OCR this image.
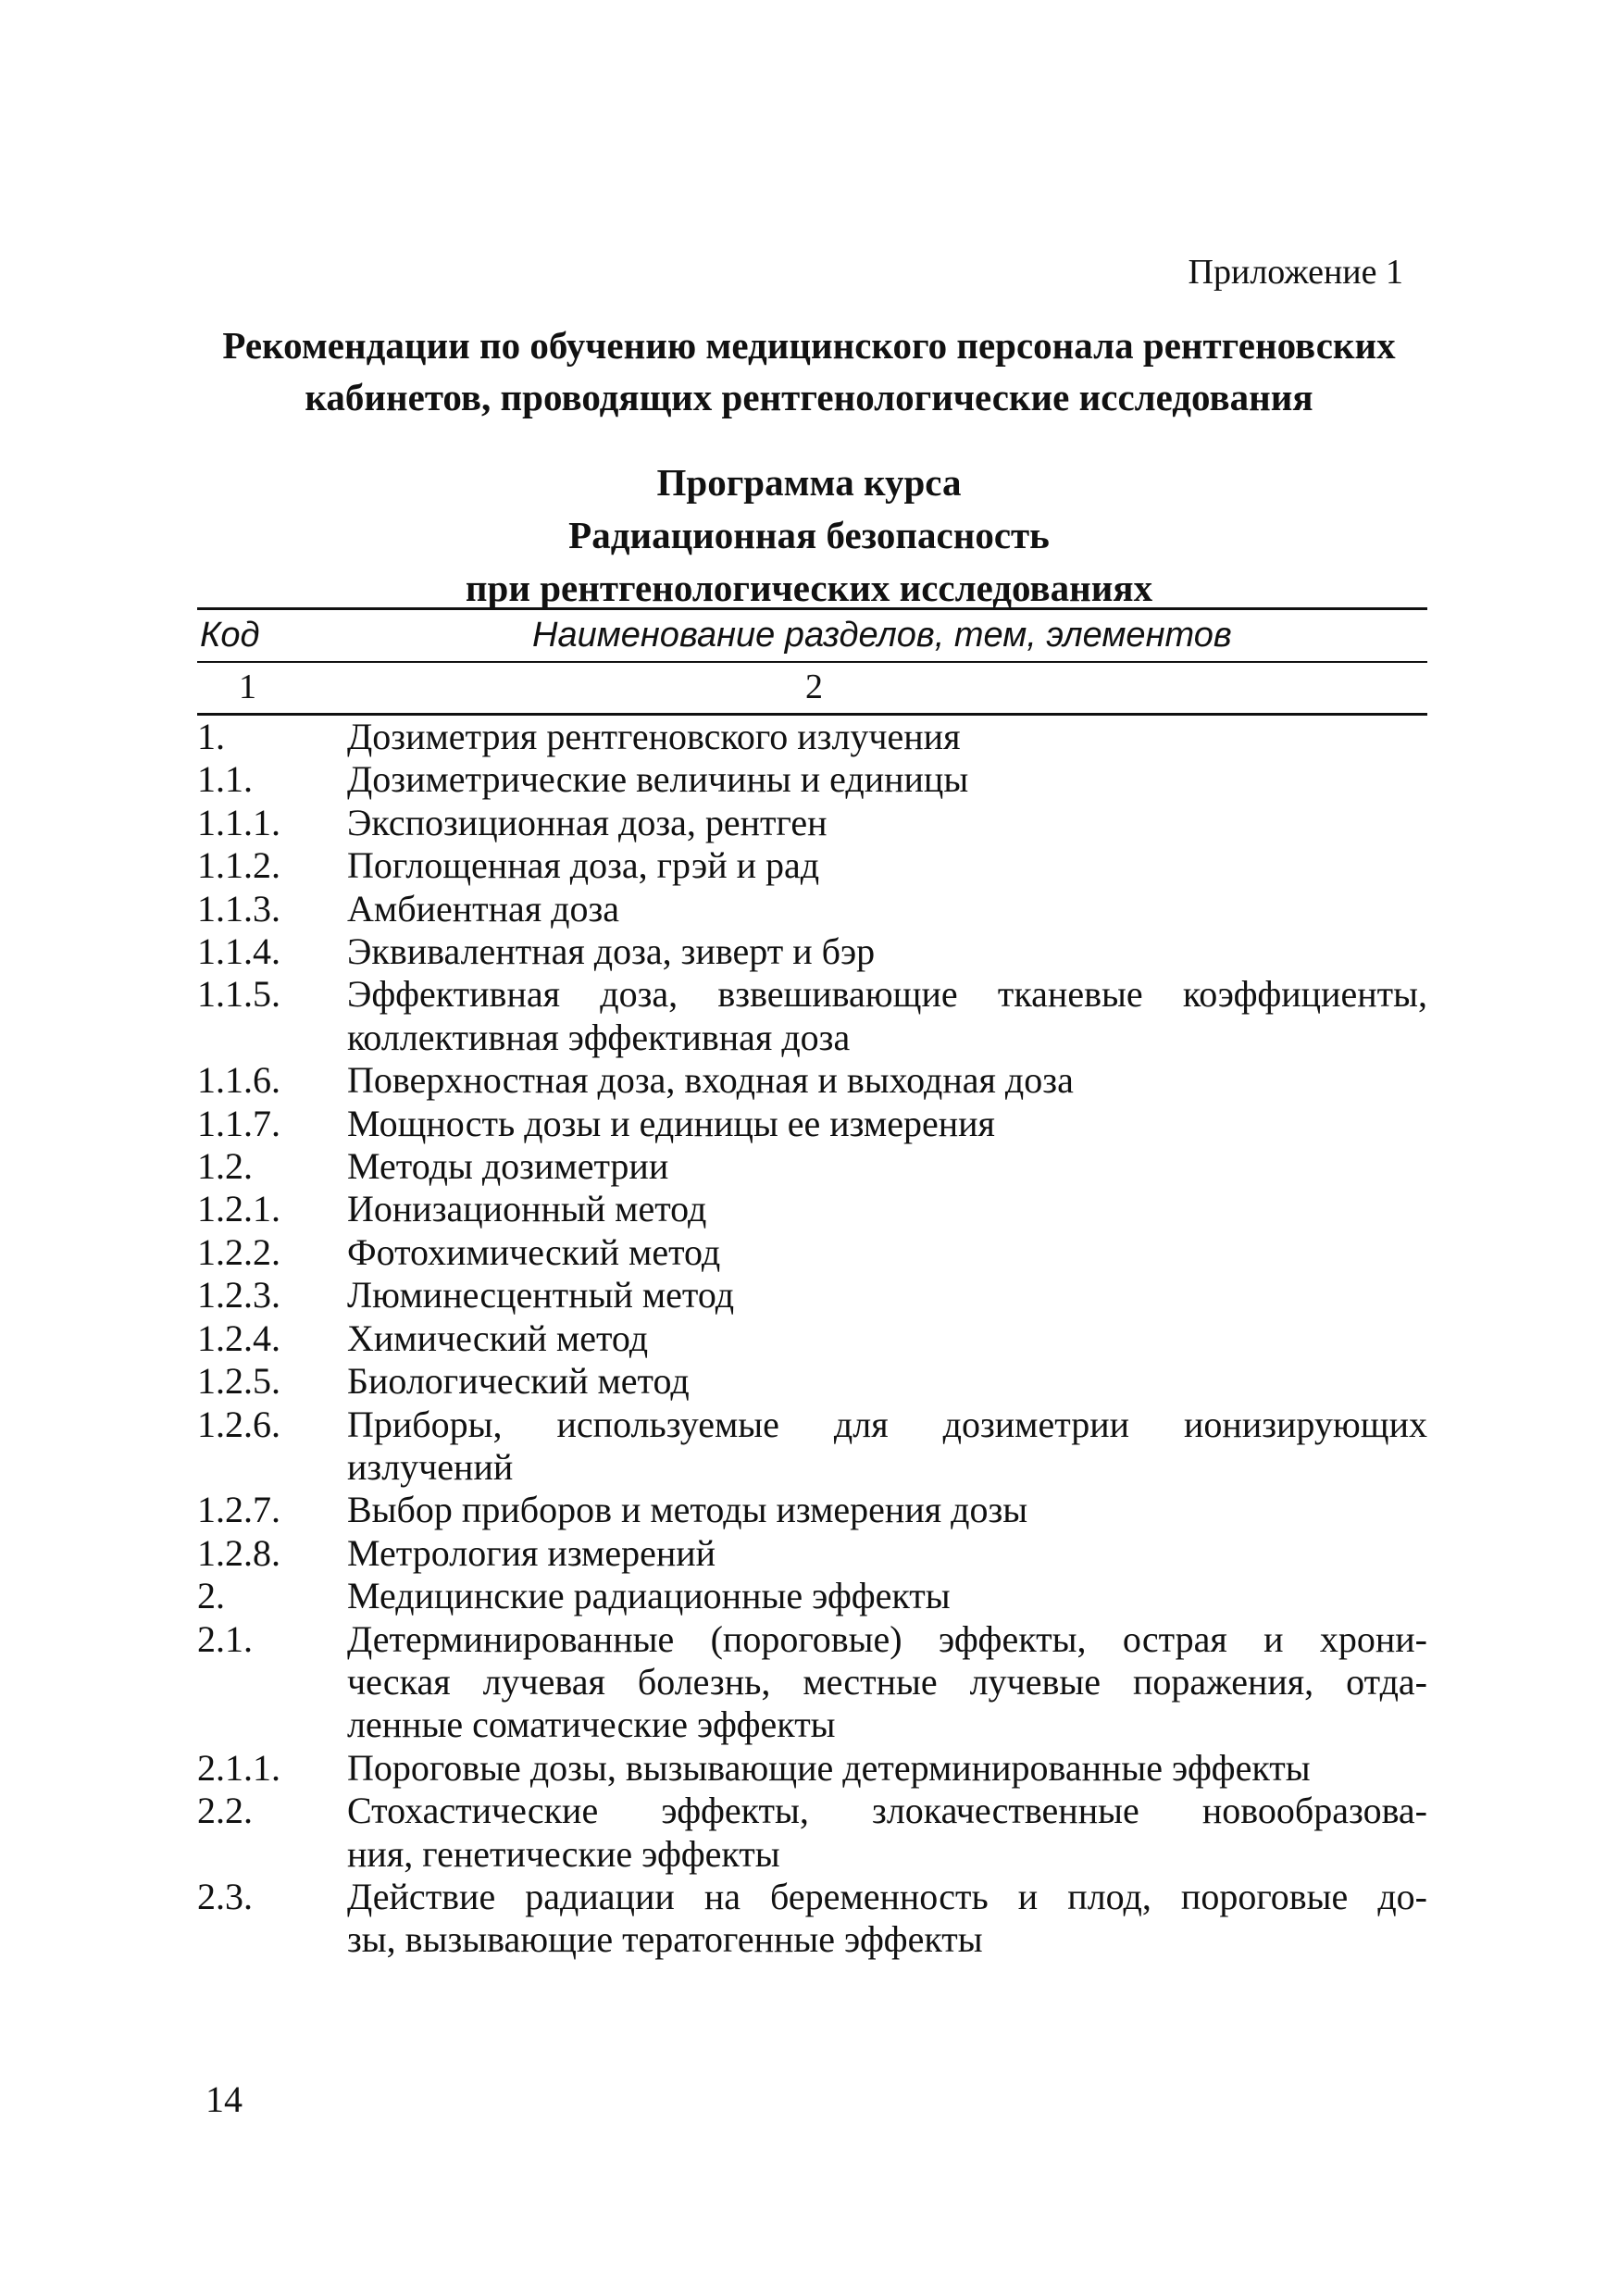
Приложение 1
Рекомендации по обучению медицинского персонала рентгеновских
кабинетов, проводящих рентгенологические исследования
Программа курса
Радиационная безопасность
при рентгенологических исследованиях
Код	Наименование разделов, тем, элементов
1	2
1.	Дозиметрия рентгеновского излучения
1.1.	Дозиметрические величины и единицы
1.1.1.	Экспозиционная доза, рентген
1.1.2.	Поглощенная доза, грэй и рад
1.1.3.	Амбиентная доза
1.1.4.	Эквивалентная доза, зиверт и бэр
1.1.5.	Эффективная доза, взвешивающие тканевые коэффициенты,
коллективная эффективная доза
1.1.6.	Поверхностная доза, входная и выходная доза
1.1.7.	Мощность дозы и единицы ее измерения
1.2.	Методы дозиметрии
1.2.1.	Ионизационный метод
1.2.2.	Фотохимический метод
1.2.3.	Люминесцентный метод
1.2.4.	Химический метод
1.2.5.	Биологический метод
1.2.6.	Приборы, используемые для дозиметрии ионизирующих
излучений
1.2.7.	Выбор приборов и методы измерения дозы
1.2.8.	Метрология измерений
2.	Медицинские радиационные эффекты
2.1.	Детерминированные (пороговые) эффекты, острая и хрони-
ческая лучевая болезнь, местные лучевые поражения, отда-
ленные соматические эффекты
2.1.1.	Пороговые дозы, вызывающие детерминированные эффекты
2.2.	Стохастические эффекты, злокачественные новообразова-
ния, генетические эффекты
2.3.	Действие радиации на беременность и плод, пороговые до-
зы, вызывающие тератогенные эффекты
14
